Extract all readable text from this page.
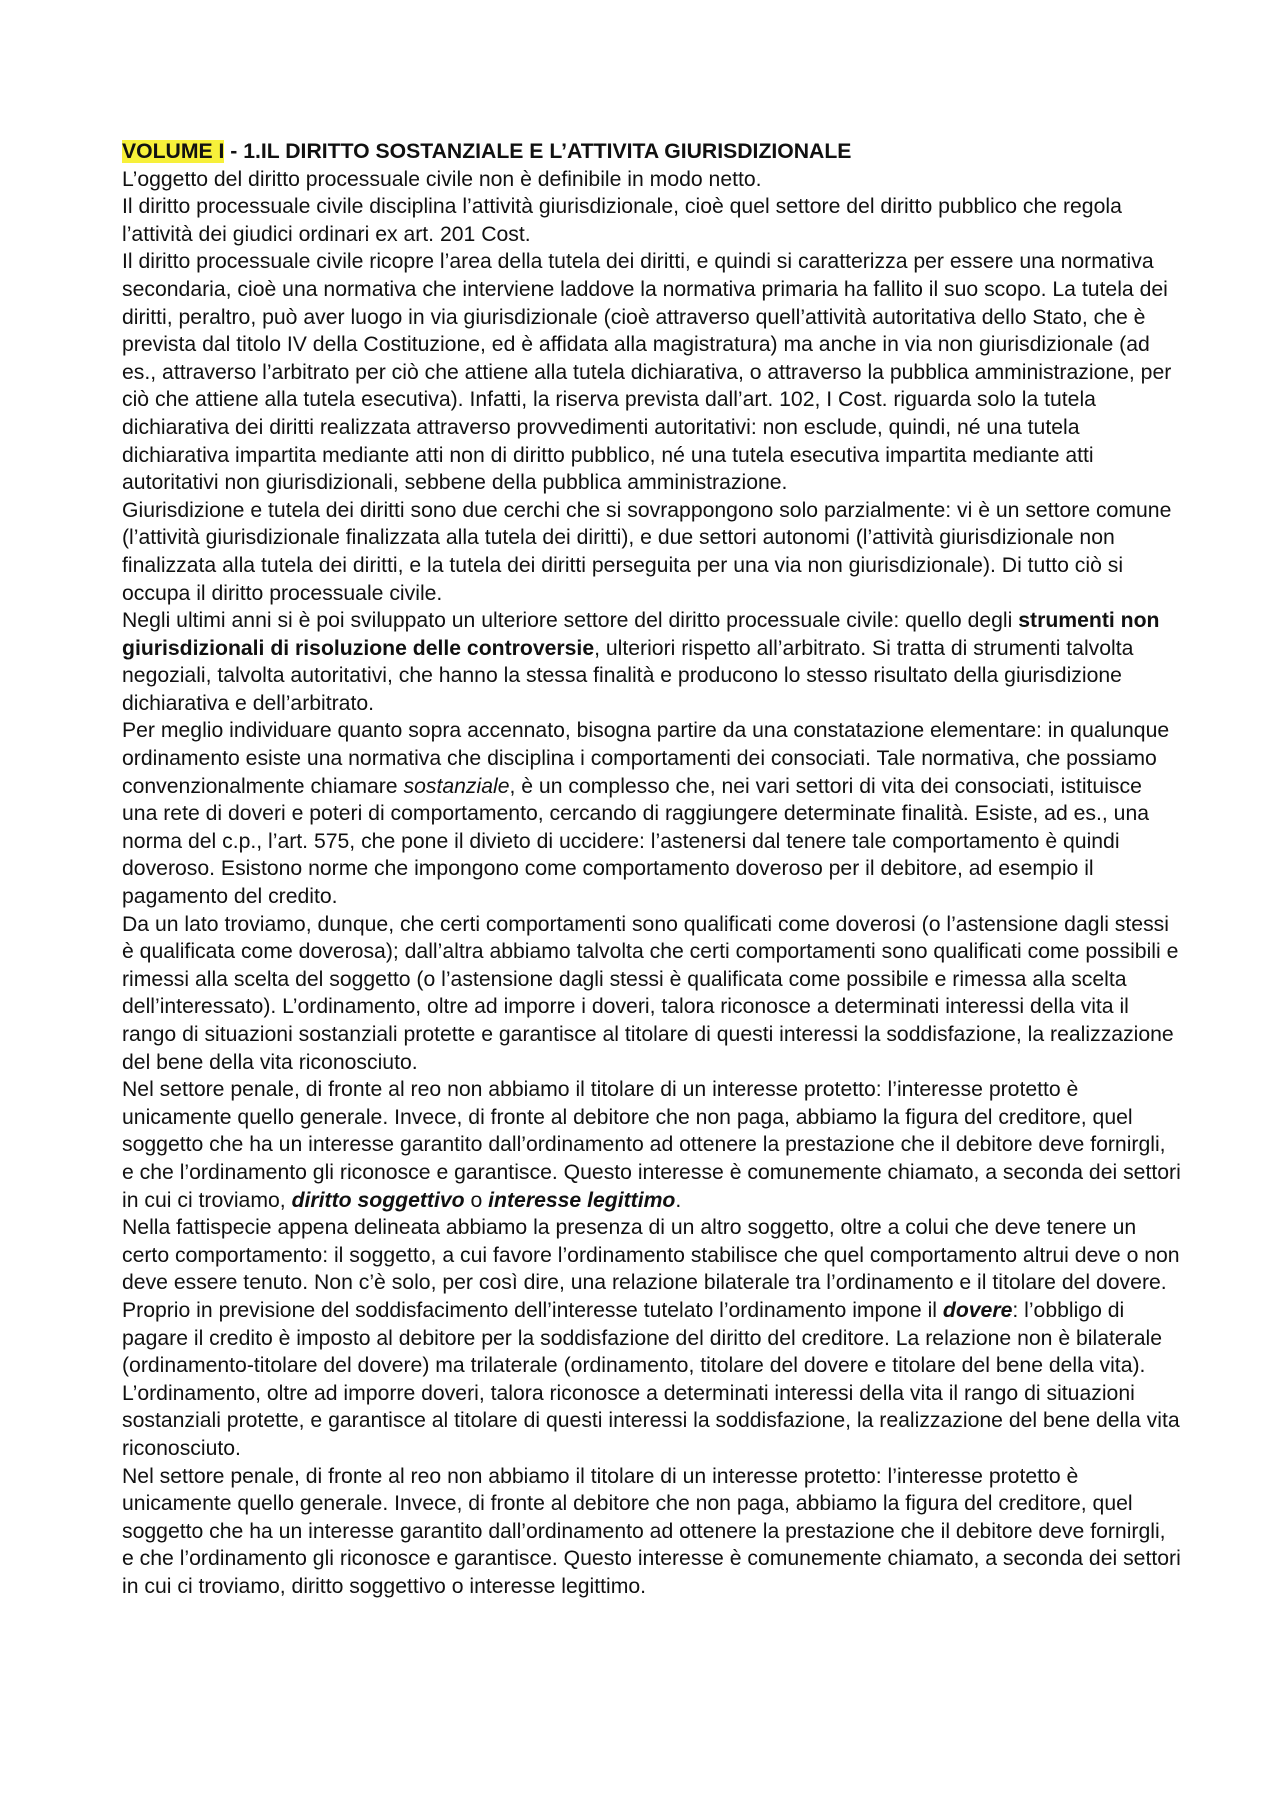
VOLUME I - 1.IL DIRITTO SOSTANZIALE E L’ATTIVITA GIURISDIZIONALE

L’oggetto del diritto processuale civile non è definibile in modo netto.

Il diritto processuale civile disciplina l’attività giurisdizionale, cioè quel settore del diritto pubblico che regola l’attività dei giudici ordinari ex art. 201 Cost.

Il diritto processuale civile ricopre l’area della tutela dei diritti, e quindi si caratterizza per essere una normativa secondaria, cioè una normativa che interviene laddove la normativa primaria ha fallito il suo scopo. La tutela dei diritti, peraltro, può aver luogo in via giurisdizionale (cioè attraverso quell’attività autoritativa dello Stato, che è prevista dal titolo IV della Costituzione, ed è affidata alla magistratura) ma anche in via non giurisdizionale (ad es., attraverso l’arbitrato per ciò che attiene alla tutela dichiarativa, o attraverso la pubblica amministrazione, per ciò che attiene alla tutela esecutiva). Infatti, la riserva prevista dall’art. 102, I Cost. riguarda solo la tutela dichiarativa dei diritti realizzata attraverso provvedimenti autoritativi: non esclude, quindi, né una tutela dichiarativa impartita mediante atti non di diritto pubblico, né una tutela esecutiva impartita mediante atti autoritativi non giurisdizionali, sebbene della pubblica amministrazione.

Giurisdizione e tutela dei diritti sono due cerchi che si sovrappongono solo parzialmente: vi è un settore comune (l’attività giurisdizionale finalizzata alla tutela dei diritti), e due settori autonomi (l’attività giurisdizionale non finalizzata alla tutela dei diritti, e la tutela dei diritti perseguita per una via non giurisdizionale). Di tutto ciò si occupa il diritto processuale civile.

Negli ultimi anni si è poi sviluppato un ulteriore settore del diritto processuale civile: quello degli strumenti non giurisdizionali di risoluzione delle controversie, ulteriori rispetto all’arbitrato. Si tratta di strumenti talvolta negoziali, talvolta autoritativi, che hanno la stessa finalità e producono lo stesso risultato della giurisdizione dichiarativa e dell’arbitrato.

Per meglio individuare quanto sopra accennato, bisogna partire da una constatazione elementare: in qualunque ordinamento esiste una normativa che disciplina i comportamenti dei consociati. Tale normativa, che possiamo convenzionalmente chiamare sostanziale, è un complesso che, nei vari settori di vita dei consociati, istituisce una rete di doveri e poteri di comportamento, cercando di raggiungere determinate finalità. Esiste, ad es., una norma del c.p., l’art. 575, che pone il divieto di uccidere: l’astenersi dal tenere tale comportamento è quindi doveroso. Esistono norme che impongono come comportamento doveroso per il debitore, ad esempio il pagamento del credito.

Da un lato troviamo, dunque, che certi comportamenti sono qualificati come doverosi (o l’astensione dagli stessi è qualificata come doverosa); dall’altra abbiamo talvolta che certi comportamenti sono qualificati come possibili e rimessi alla scelta del soggetto (o l’astensione dagli stessi è qualificata come possibile e rimessa alla scelta dell’interessato). L’ordinamento, oltre ad imporre i doveri, talora riconosce a determinati interessi della vita il rango di situazioni sostanziali protette e garantisce al titolare di questi interessi la soddisfazione, la realizzazione del bene della vita riconosciuto.

Nel settore penale, di fronte al reo non abbiamo il titolare di un interesse protetto: l’interesse protetto è unicamente quello generale. Invece, di fronte al debitore che non paga, abbiamo la figura del creditore, quel soggetto che ha un interesse garantito dall’ordinamento ad ottenere la prestazione che il debitore deve fornirgli, e che l’ordinamento gli riconosce e garantisce. Questo interesse è comunemente chiamato, a seconda dei settori in cui ci troviamo, diritto soggettivo o interesse legittimo.

Nella fattispecie appena delineata abbiamo la presenza di un altro soggetto, oltre a colui che deve tenere un certo comportamento: il soggetto, a cui favore l’ordinamento stabilisce che quel comportamento altrui deve o non deve essere tenuto. Non c’è solo, per così dire, una relazione bilaterale tra l’ordinamento e il titolare del dovere. Proprio in previsione del soddisfacimento dell’interesse tutelato l’ordinamento impone il dovere: l’obbligo di pagare il credito è imposto al debitore per la soddisfazione del diritto del creditore. La relazione non è bilaterale (ordinamento-titolare del dovere) ma trilaterale (ordinamento, titolare del dovere e titolare del bene della vita).

L’ordinamento, oltre ad imporre doveri, talora riconosce a determinati interessi della vita il rango di situazioni sostanziali protette, e garantisce al titolare di questi interessi la soddisfazione, la realizzazione del bene della vita riconosciuto.

Nel settore penale, di fronte al reo non abbiamo il titolare di un interesse protetto: l’interesse protetto è unicamente quello generale. Invece, di fronte al debitore che non paga, abbiamo la figura del creditore, quel soggetto che ha un interesse garantito dall’ordinamento ad ottenere la prestazione che il debitore deve fornirgli, e che l’ordinamento gli riconosce e garantisce. Questo interesse è comunemente chiamato, a seconda dei settori in cui ci troviamo, diritto soggettivo o interesse legittimo.
